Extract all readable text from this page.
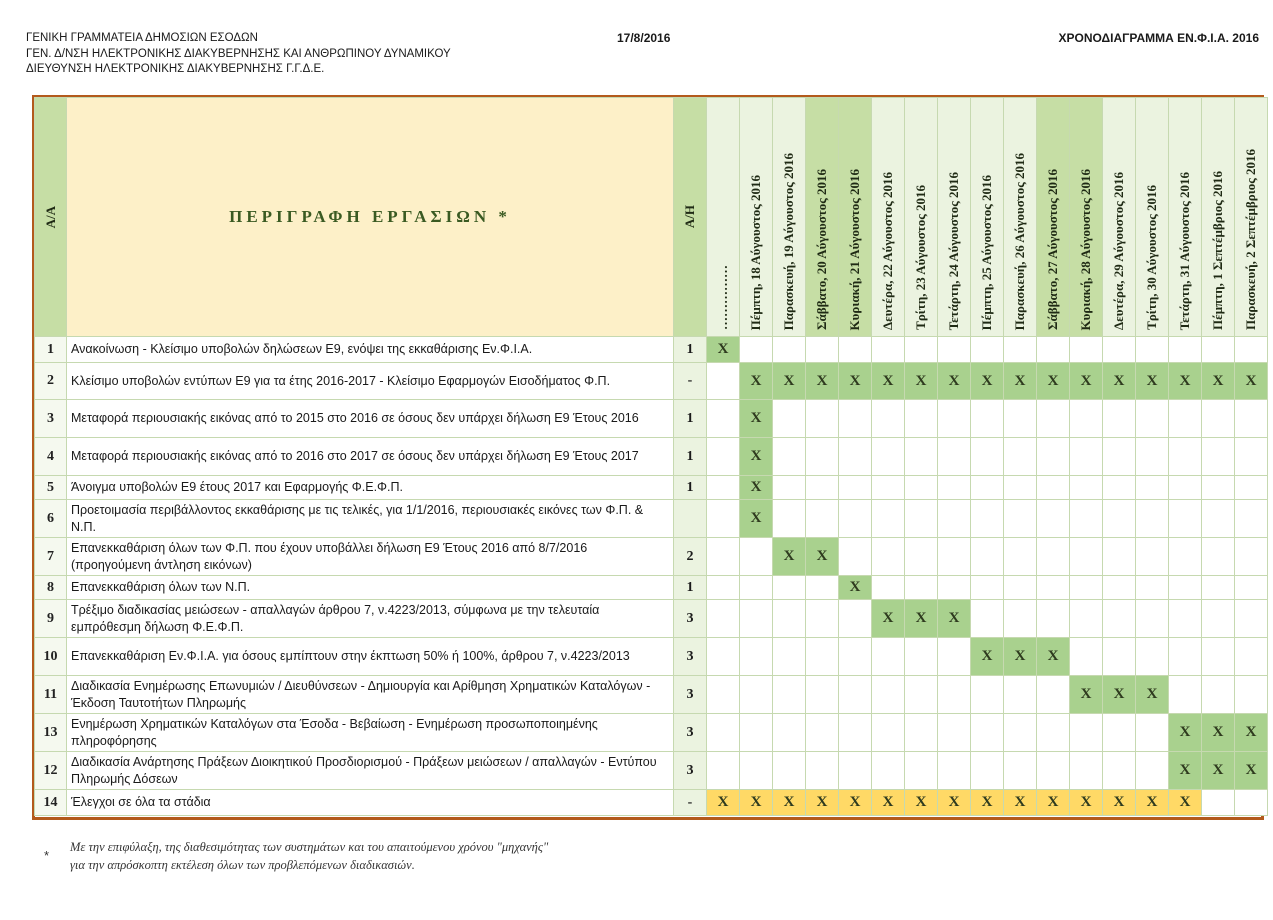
ΓΕΝΙΚΗ ΓΡΑΜΜΑΤΕΙΑ ΔΗΜΟΣΙΩΝ ΕΣΟΔΩΝ
ΓΕΝ. Δ/ΝΣΗ ΗΛΕΚΤΡΟΝΙΚΗΣ ΔΙΑΚΥΒΕΡΝΗΣΗΣ ΚΑΙ ΑΝΘΡΩΠΙΝΟΥ ΔΥΝΑΜΙΚΟΥ
ΔΙΕΥΘΥΝΣΗ ΗΛΕΚΤΡΟΝΙΚΗΣ ΔΙΑΚΥΒΕΡΝΗΣΗΣ Γ.Γ.Δ.Ε.
17/8/2016	ΧΡΟΝΟΔΙΑΓΡΑΜΜΑ ΕΝ.Φ.Ι.Α. 2016
Α/Α	ΠΕΡΙΓΡΑΦΗ ΕΡΓΑΣΙΩΝ *	Α/Η	……………	Πέμπτη, 18 Αύγουστος 2016	Παρασκευή, 19 Αύγουστος 2016	Σάββατο, 20 Αύγουστος 2016	Κυριακή, 21 Αύγουστος 2016	Δευτέρα, 22 Αύγουστος 2016	Τρίτη, 23 Αύγουστος 2016	Τετάρτη, 24 Αύγουστος 2016	Πέμπτη, 25 Αύγουστος 2016	Παρασκευή, 26 Αύγουστος 2016	Σάββατο, 27 Αύγουστος 2016	Κυριακή, 28 Αύγουστος 2016	Δευτέρα, 29 Αύγουστος 2016	Τρίτη, 30 Αύγουστος 2016	Τετάρτη, 31 Αύγουστος 2016	Πέμπτη, 1 Σεπτέμβριος 2016	Παρασκευή, 2 Σεπτέμβριος 2016

1	Ανακοίνωση - Κλείσιμο υποβολών δηλώσεων Ε9, ενόψει της εκκαθάρισης Εν.Φ.Ι.Α.	1	X																
2	Κλείσιμο υποβολών εντύπων Ε9 για τα έτης 2016-2017 - Κλείσιμο Εφαρμογών Εισοδήματος Φ.Π.	-		X	X	X	X	X	X	X	X	X	X	X	X	X	X	X	X
3	Μεταφορά περιουσιακής εικόνας από το 2015 στο 2016 σε όσους δεν υπάρχει δήλωση Ε9 Έτους 2016	1		X															
4	Μεταφορά περιουσιακής εικόνας από το 2016 στο 2017 σε όσους δεν υπάρχει δήλωση Ε9 Έτους 2017	1		X															
5	Άνοιγμα υποβολών Ε9 έτους 2017 και Εφαρμογής Φ.Ε.Φ.Π.	1		X															
6	Προετοιμασία περιβάλλοντος εκκαθάρισης με τις τελικές, για 1/1/2016, περιουσιακές εικόνες των Φ.Π. & Ν.Π.			X															
7	Επανεκκαθάριση όλων των Φ.Π. που έχουν υποβάλλει δήλωση Ε9 Έτους 2016 από 8/7/2016 (προηγούμενη άντληση εικόνων)	2			X	X													
8	Επανεκκαθάριση όλων των Ν.Π.	1					X												
9	Τρέξιμο διαδικασίας μειώσεων - απαλλαγών άρθρου 7, ν.4223/2013, σύμφωνα με την τελευταία εμπρόθεσμη δήλωση Φ.Ε.Φ.Π.	3						X	X	X									
10	Επανεκκαθάριση Εν.Φ.Ι.Α. για όσους εμπίπτουν στην έκπτωση 50% ή 100%, άρθρου 7, ν.4223/2013	3									X	X	X						
11	Διαδικασία Ενημέρωσης Επωνυμιών / Διευθύνσεων - Δημιουργία και Αρίθμηση Χρηματικών Καταλόγων - Έκδοση Ταυτοτήτων Πληρωμής	3												X	X	X			
13	Ενημέρωση Χρηματικών Καταλόγων στα Έσοδα - Βεβαίωση - Ενημέρωση προσωποποιημένης πληροφόρησης	3															X	X	X
12	Διαδικασία Ανάρτησης Πράξεων Διοικητικού Προσδιορισμού - Πράξεων μειώσεων / απαλλαγών - Εντύπου Πληρωμής Δόσεων	3															X	X	X
14	Έλεγχοι σε όλα τα στάδια	-	X	X	X	X	X	X	X	X	X	X	X	X	X	X	X		
*
Με την επιφύλαξη, της διαθεσιμότητας των συστημάτων και του απαιτούμενου χρόνου "μηχανής"
για την απρόσκοπτη εκτέλεση όλων των προβλεπόμενων διαδικασιών.
